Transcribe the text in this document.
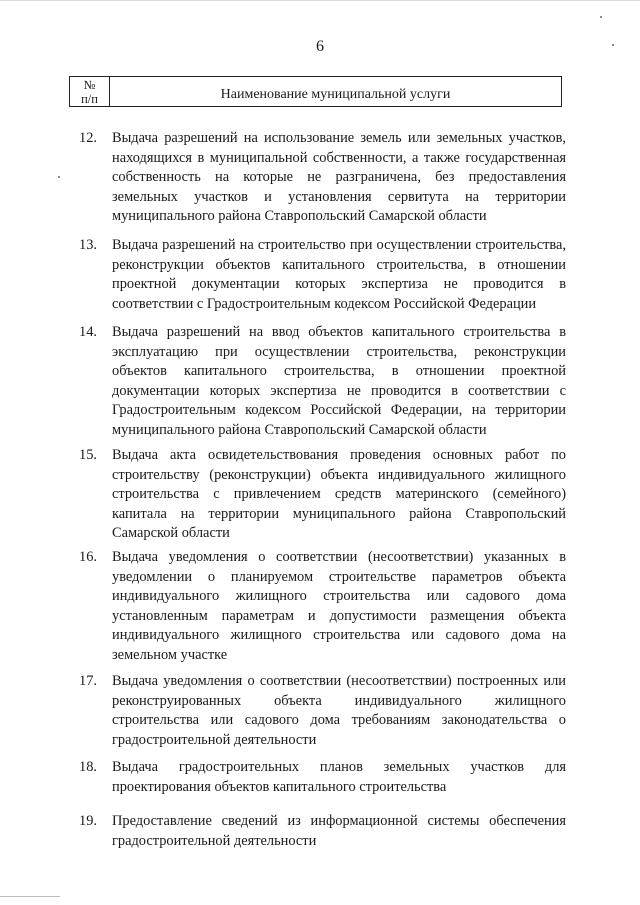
6
№
п/п	Наименование муниципальной услуги
12. Выдача разрешений на использование земель или земельных участков, находящихся в муниципальной собственности, а также государственная собственность на которые не разграничена, без предоставления земельных участков и установления сервитута на территории муниципального района Ставропольский Самарской области
13. Выдача разрешений на строительство при осуществлении строительства, реконструкции объектов капитального строительства, в отношении проектной документации которых экспертиза не проводится в соответствии с Градостроительным кодексом Российской Федерации
14. Выдача разрешений на ввод объектов капитального строительства в эксплуатацию при осуществлении строительства, реконструкции объектов капитального строительства, в отношении проектной документации которых экспертиза не проводится в соответствии с Градостроительным кодексом Российской Федерации, на территории муниципального района Ставропольский Самарской области
15. Выдача акта освидетельствования проведения основных работ по строительству (реконструкции) объекта индивидуального жилищного строительства с привлечением средств материнского (семейного) капитала на территории муниципального района Ставропольский Самарской области
16. Выдача уведомления о соответствии (несоответствии) указанных в уведомлении о планируемом строительстве параметров объекта индивидуального жилищного строительства или садового дома установленным параметрам и допустимости размещения объекта индивидуального жилищного строительства или садового дома на земельном участке
17. Выдача уведомления о соответствии (несоответствии) построенных или реконструированных объекта индивидуального жилищного строительства или садового дома требованиям законодательства о градостроительной деятельности
18. Выдача градостроительных планов земельных участков для проектирования объектов капитального строительства
19. Предоставление сведений из информационной системы обеспечения градостроительной деятельности
